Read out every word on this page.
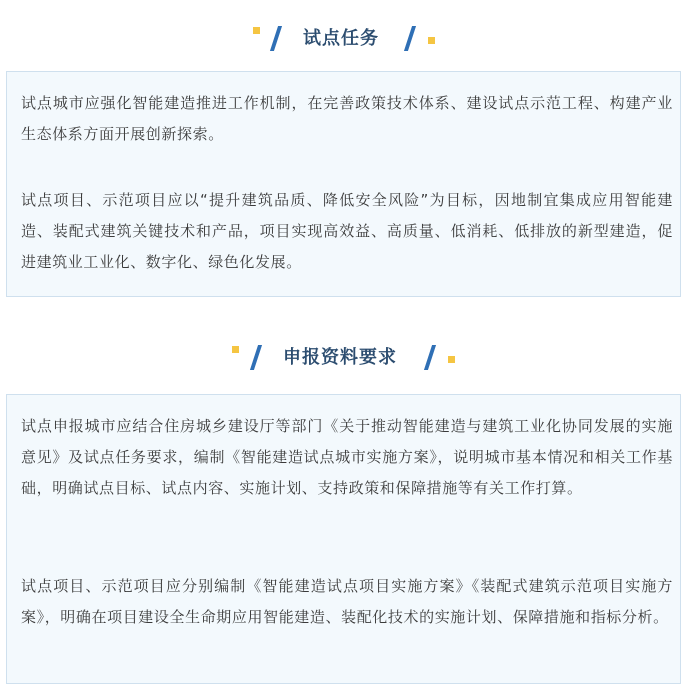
试点任务

试点城市应强化智能建造推进工作机制，在完善政策技术体系、建设试点示范工程、构建产业生态体系方面开展创新探索。

试点项目、示范项目应以“提升建筑品质、降低安全风险”为目标，因地制宜集成应用智能建造、装配式建筑关键技术和产品，项目实现高效益、高质量、低消耗、低排放的新型建造，促进建筑业工业化、数字化、绿色化发展。

申报资料要求

试点申报城市应结合住房城乡建设厅等部门《关于推动智能建造与建筑工业化协同发展的实施意见》及试点任务要求，编制《智能建造试点城市实施方案》，说明城市基本情况和相关工作基础，明确试点目标、试点内容、实施计划、支持政策和保障措施等有关工作打算。

试点项目、示范项目应分别编制《智能建造试点项目实施方案》《装配式建筑示范项目实施方案》，明确在项目建设全生命期应用智能建造、装配化技术的实施计划、保障措施和指标分析。
